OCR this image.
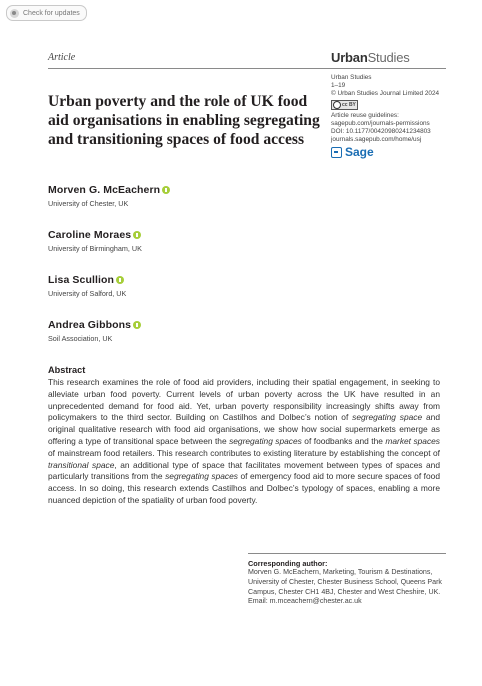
Check for updates
Article	UrbanStudies
Urban Studies
1–19
© Urban Studies Journal Limited 2024
cc BY
Article reuse guidelines:
sagepub.com/journals-permissions
DOI: 10.1177/00420980241234803
journals.sagepub.com/home/usj
Sage
Urban poverty and the role of UK food aid organisations in enabling segregating and transitioning spaces of food access
Morven G. McEachern
University of Chester, UK
Caroline Moraes
University of Birmingham, UK
Lisa Scullion
University of Salford, UK
Andrea Gibbons
Soil Association, UK
Abstract
This research examines the role of food aid providers, including their spatial engagement, in seeking to alleviate urban food poverty. Current levels of urban poverty across the UK have resulted in an unprecedented demand for food aid. Yet, urban poverty responsibility increasingly shifts away from policymakers to the third sector. Building on Castilhos and Dolbec’s notion of segregating space and original qualitative research with food aid organisations, we show how social supermarkets emerge as offering a type of transitional space between the segregating spaces of foodbanks and the market spaces of mainstream food retailers. This research contributes to existing literature by establishing the concept of transitional space, an additional type of space that facilitates movement between types of spaces and particularly transitions from the segregating spaces of emergency food aid to more secure spaces of food access. In so doing, this research extends Castilhos and Dolbec’s typology of spaces, enabling a more nuanced depiction of the spatiality of urban food poverty.
Corresponding author:
Morven G. McEachern, Marketing, Tourism & Destinations, University of Chester, Chester Business School, Queens Park Campus, Chester CH1 4BJ, Chester and West Cheshire, UK.
Email: m.mceachern@chester.ac.uk
